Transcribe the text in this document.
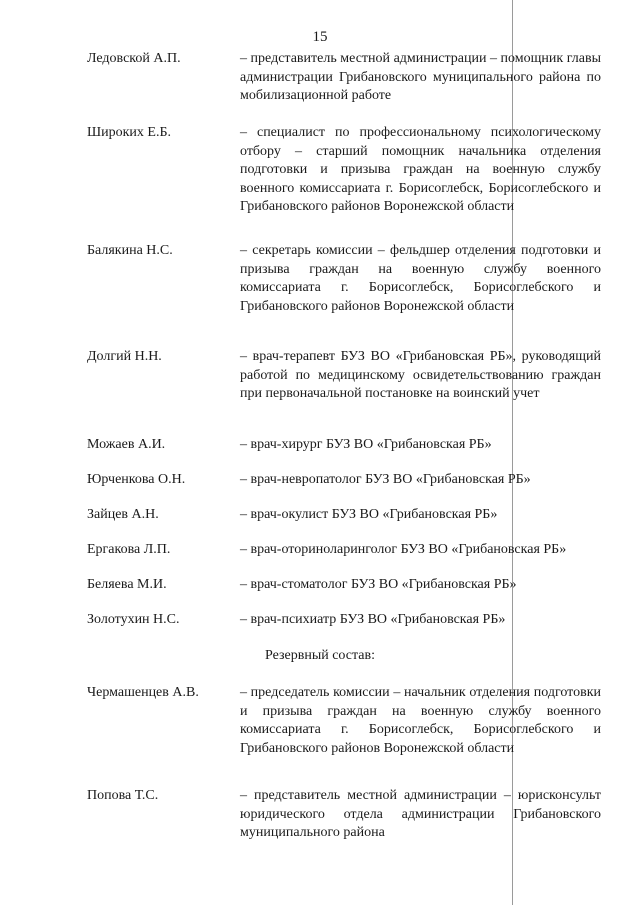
15
Ледовской А.П.	– представитель местной администрации – помощник главы администрации Грибановского муниципального района по мобилизационной работе
Широких Е.Б.	– специалист по профессиональному психологическому отбору – старший помощник начальника отделения подготовки и призыва граждан на военную службу военного комиссариата г. Борисоглебск, Борисоглебского и Грибановского районов Воронежской области
Балякина Н.С.	– секретарь комиссии – фельдшер отделения подготовки и призыва граждан на военную службу военного комиссариата г. Борисоглебск, Борисоглебского и Грибановского районов Воронежской области
Долгий Н.Н.	– врач-терапевт БУЗ ВО «Грибановская РБ», руководящий работой по медицинскому освидетельствованию граждан при первоначальной постановке на воинский учет
Можаев А.И.	– врач-хирург БУЗ ВО «Грибановская РБ»
Юрченкова О.Н.	– врач-невропатолог БУЗ ВО «Грибановская РБ»
Зайцев А.Н.	– врач-окулист БУЗ ВО «Грибановская РБ»
Ергакова Л.П.	– врач-оториноларинголог БУЗ ВО «Грибановская РБ»
Беляева М.И.	– врач-стоматолог БУЗ ВО «Грибановская РБ»
Золотухин Н.С.	– врач-психиатр БУЗ ВО «Грибановская РБ»
Резервный состав:
Чермашенцев А.В.	– председатель комиссии – начальник отделения подготовки и призыва граждан на военную службу военного комиссариата г. Борисоглебск, Борисоглебского и Грибановского районов Воронежской области
Попова Т.С.	– представитель местной администрации – юрисконсульт юридического отдела администрации Грибановского муниципального района
